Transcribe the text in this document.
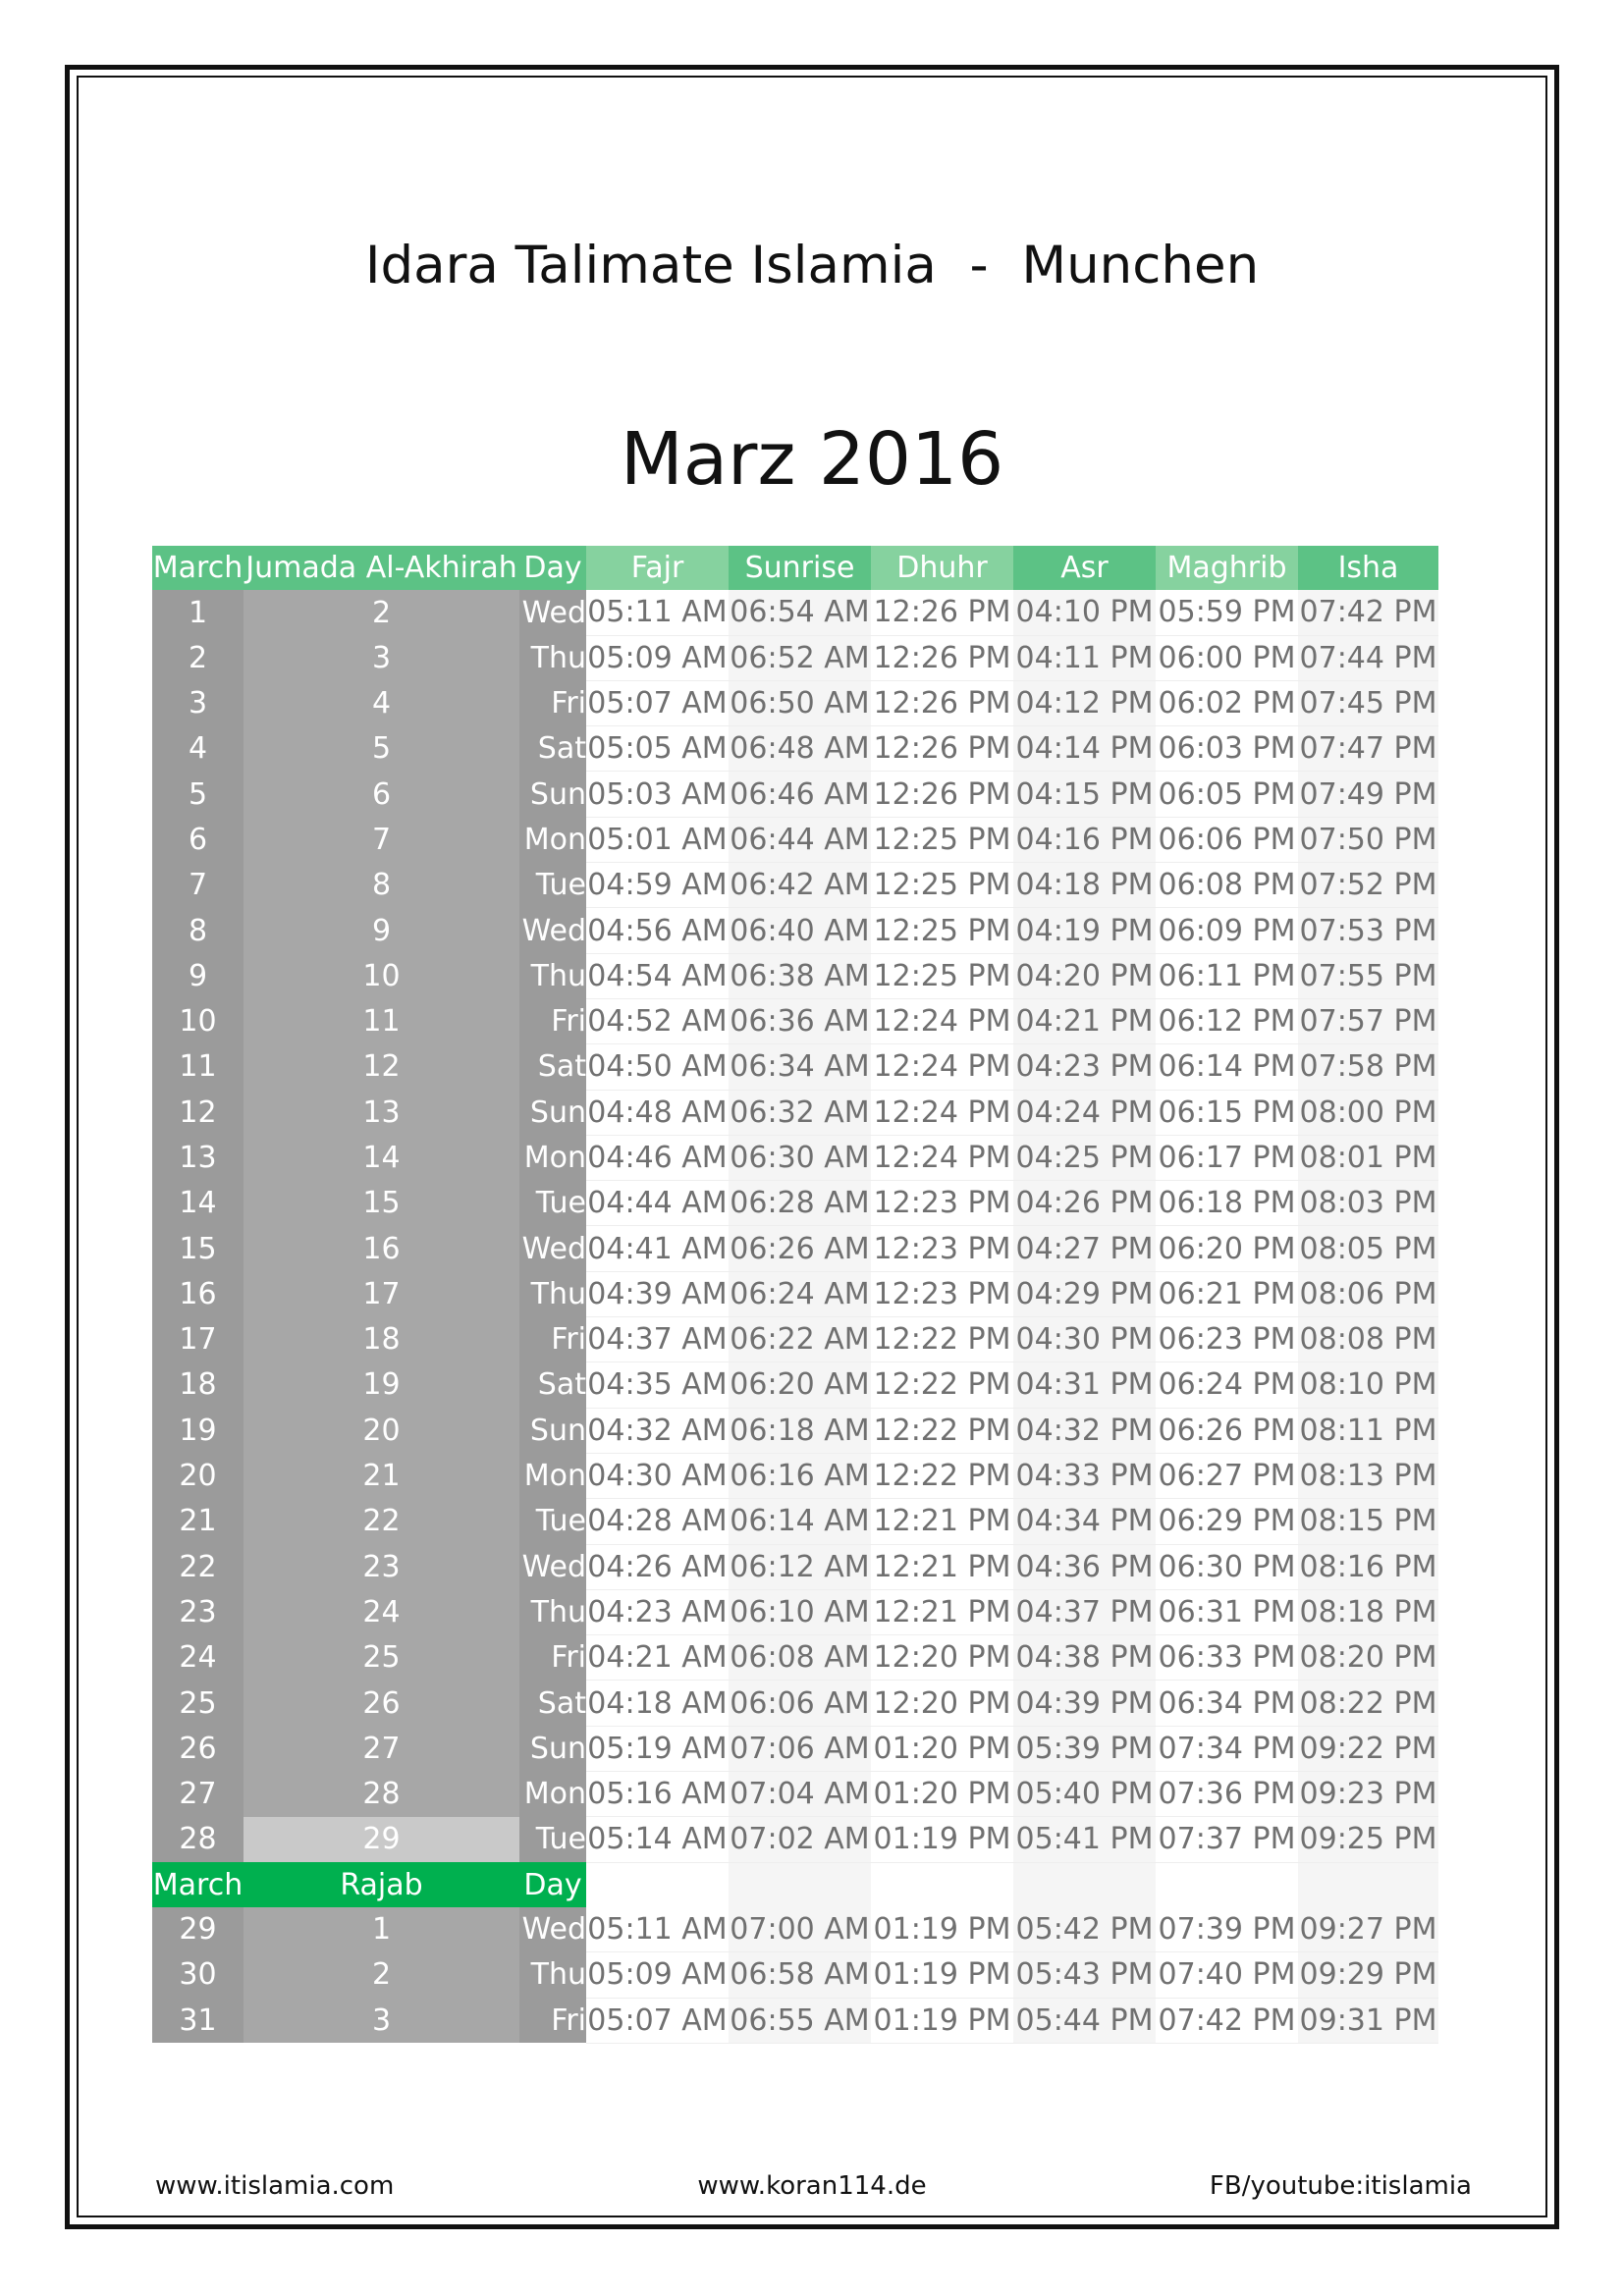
Idara Talimate Islamia  -  Munchen
Marz 2016
March	Jumada Al-Akhirah	Day	Fajr	Sunrise	Dhuhr	Asr	Maghrib	Isha
1	2	Wed	05:11 AM	06:54 AM	12:26 PM	04:10 PM	05:59 PM	07:42 PM
2	3	Thu	05:09 AM	06:52 AM	12:26 PM	04:11 PM	06:00 PM	07:44 PM
3	4	Fri	05:07 AM	06:50 AM	12:26 PM	04:12 PM	06:02 PM	07:45 PM
4	5	Sat	05:05 AM	06:48 AM	12:26 PM	04:14 PM	06:03 PM	07:47 PM
5	6	Sun	05:03 AM	06:46 AM	12:26 PM	04:15 PM	06:05 PM	07:49 PM
6	7	Mon	05:01 AM	06:44 AM	12:25 PM	04:16 PM	06:06 PM	07:50 PM
7	8	Tue	04:59 AM	06:42 AM	12:25 PM	04:18 PM	06:08 PM	07:52 PM
8	9	Wed	04:56 AM	06:40 AM	12:25 PM	04:19 PM	06:09 PM	07:53 PM
9	10	Thu	04:54 AM	06:38 AM	12:25 PM	04:20 PM	06:11 PM	07:55 PM
10	11	Fri	04:52 AM	06:36 AM	12:24 PM	04:21 PM	06:12 PM	07:57 PM
11	12	Sat	04:50 AM	06:34 AM	12:24 PM	04:23 PM	06:14 PM	07:58 PM
12	13	Sun	04:48 AM	06:32 AM	12:24 PM	04:24 PM	06:15 PM	08:00 PM
13	14	Mon	04:46 AM	06:30 AM	12:24 PM	04:25 PM	06:17 PM	08:01 PM
14	15	Tue	04:44 AM	06:28 AM	12:23 PM	04:26 PM	06:18 PM	08:03 PM
15	16	Wed	04:41 AM	06:26 AM	12:23 PM	04:27 PM	06:20 PM	08:05 PM
16	17	Thu	04:39 AM	06:24 AM	12:23 PM	04:29 PM	06:21 PM	08:06 PM
17	18	Fri	04:37 AM	06:22 AM	12:22 PM	04:30 PM	06:23 PM	08:08 PM
18	19	Sat	04:35 AM	06:20 AM	12:22 PM	04:31 PM	06:24 PM	08:10 PM
19	20	Sun	04:32 AM	06:18 AM	12:22 PM	04:32 PM	06:26 PM	08:11 PM
20	21	Mon	04:30 AM	06:16 AM	12:22 PM	04:33 PM	06:27 PM	08:13 PM
21	22	Tue	04:28 AM	06:14 AM	12:21 PM	04:34 PM	06:29 PM	08:15 PM
22	23	Wed	04:26 AM	06:12 AM	12:21 PM	04:36 PM	06:30 PM	08:16 PM
23	24	Thu	04:23 AM	06:10 AM	12:21 PM	04:37 PM	06:31 PM	08:18 PM
24	25	Fri	04:21 AM	06:08 AM	12:20 PM	04:38 PM	06:33 PM	08:20 PM
25	26	Sat	04:18 AM	06:06 AM	12:20 PM	04:39 PM	06:34 PM	08:22 PM
26	27	Sun	05:19 AM	07:06 AM	01:20 PM	05:39 PM	07:34 PM	09:22 PM
27	28	Mon	05:16 AM	07:04 AM	01:20 PM	05:40 PM	07:36 PM	09:23 PM
28	29	Tue	05:14 AM	07:02 AM	01:19 PM	05:41 PM	07:37 PM	09:25 PM
March	Rajab	Day						
29	1	Wed	05:11 AM	07:00 AM	01:19 PM	05:42 PM	07:39 PM	09:27 PM
30	2	Thu	05:09 AM	06:58 AM	01:19 PM	05:43 PM	07:40 PM	09:29 PM
31	3	Fri	05:07 AM	06:55 AM	01:19 PM	05:44 PM	07:42 PM	09:31 PM
www.itislamia.com	www.koran114.de	FB/youtube:itislamia
